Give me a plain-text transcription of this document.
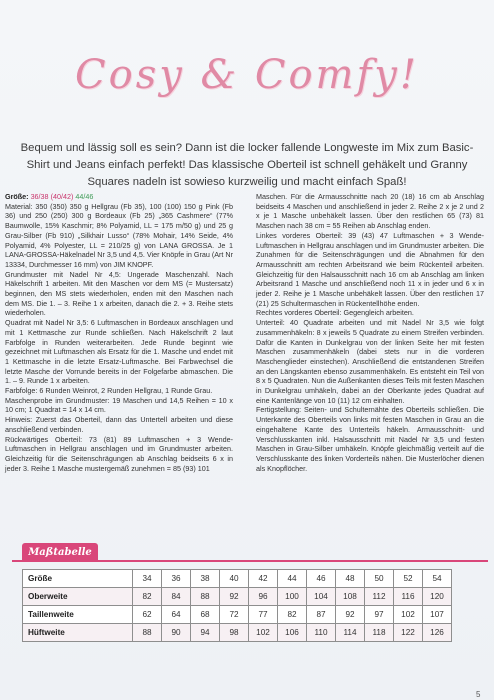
Cosy & Comfy!
Bequem und lässig soll es sein? Dann ist die locker fallende Longweste im Mix zum Basic-Shirt und Jeans einfach perfekt! Das klassische Oberteil ist schnell gehäkelt und Granny Squares nadeln ist sowieso kurzweilig und macht einfach Spaß!

Größe: 36/38 (40/42) 44/46

Material: 350 (350) 350 g Hellgrau (Fb 35), 100 (100) 150 g Pink (Fb 36) und 250 (250) 300 g Bordeaux (Fb 25) „365 Cashmere“ (77% Baumwolle, 15% Kaschmir; 8% Polyamid, LL = 175 m/50 g) und 25 g Grau-Silber (Fb 910) „Silkhair Lusso“ (78% Mohair, 14% Seide, 4% Polyamid, 4% Polyester, LL = 210/25 g) von LANA GROSSA. Je 1 LANA-GROSSA-Häkelnadel Nr 3,5 und 4,5. Vier Knöpfe in Grau (Art Nr 13334, Durchmesser 16 mm) von JIM KNOPF.

Grundmuster mit Nadel Nr 4,5: Ungerade Maschenzahl. Nach Häkelschrift 1 arbeiten. Mit den Maschen vor dem MS (= Mustersatz) beginnen, den MS stets wiederholen, enden mit den Maschen nach dem MS. Die 1. – 3. Reihe 1 x arbeiten, danach die 2. + 3. Reihe stets wiederholen.

Quadrat mit Nadel Nr 3,5: 6 Luftmaschen in Bordeaux anschlagen und mit 1 Kettmasche zur Runde schließen. Nach Häkelschrift 2 laut Farbfolge in Runden weiterarbeiten. Jede Runde beginnt wie gezeichnet mit Luftmaschen als Ersatz für die 1. Masche und endet mit 1 Kettmasche in die letzte Ersatz-Luftmasche. Bei Farbwechsel die letzte Masche der Vorrunde bereits in der Folgefarbe abmaschen. Die 1. – 9. Runde 1 x arbeiten.

Farbfolge: 6 Runden Weinrot, 2 Runden Hellgrau, 1 Runde Grau.

Maschenprobe im Grundmuster: 19 Maschen und 14,5 Reihen = 10 x 10 cm; 1 Quadrat = 14 x 14 cm.

Hinweis: Zuerst das Oberteil, dann das Untertell arbeiten und diese anschließend verbinden.

Rückwärtiges Oberteil: 73 (81) 89 Luftmaschen + 3 Wende-Luftmaschen in Hellgrau anschlagen und im Grundmuster arbeiten. Gleichzeitig für die Seitenschrägungen ab Anschlag beidseits 6 x in jeder 3. Reihe 1 Masche mustergemäß zunehmen = 85 (93) 101

Maschen. Für die Armausschnitte nach 20 (18) 16 cm ab Anschlag beidseits 4 Maschen und anschließend in jeder 2. Reihe 2 x je 2 und 2 x je 1 Masche unbehäkelt lassen. Über den restlichen 65 (73) 81 Maschen nach 38 cm = 55 Reihen ab Anschlag enden.

Linkes vorderes Oberteil: 39 (43) 47 Luftmaschen + 3 Wende-Luftmaschen in Hellgrau anschlagen und im Grundmuster arbeiten. Die Zunahmen für die Seitenschrägungen und die Abnahmen für den Armausschnitt am rechten Arbeitsrand wie beim Rückenteil arbeiten. Gleichzeitig für den Halsausschnitt nach 16 cm ab Anschlag am linken Arbeitsrand 1 Masche und anschließend noch 11 x in jeder und 6 x in jeder 2. Reihe je 1 Masche unbehäkelt lassen. Über den restlichen 17 (21) 25 Schultermaschen in Rückentellhöhe enden.

Rechtes vorderes Oberteil: Gegengleich arbeiten.

Unterteil: 40 Quadrate arbeiten und mit Nadel Nr 3,5 wie folgt zusammenhäkeln: 8 x jeweils 5 Quadrate zu einem Streifen verbinden. Dafür die Kanten in Dunkelgrau von der linken Seite her mit festen Maschen zusammenhäkeln (dabei stets nur in die vorderen Maschenglieder einstechen). Anschließend die entstandenen Streifen an den Längskanten ebenso zusammenhäkeln. Es entsteht ein Teil von 8 x 5 Quadraten. Nun die Außenkanten dieses Teils mit festen Maschen in Dunkelgrau umhäkeln, dabei an der Oberkante jedes Quadrat auf eine Kantenlänge von 10 (11) 12 cm einhalten.

Fertigstellung: Seiten- und Schulternähte des Oberteils schließen. Die Unterkante des Oberteils von links mit festen Maschen in Grau an die eingehaltene Kante des Unterteils häkeln. Armausschnitt- und Verschlusskanten inkl. Halsausschnitt mit Nadel Nr 3,5 und festen Maschen in Grau-Silber umhäkeln. Knöpfe gleichmäßig verteilt auf die Verschlusskante des linken Vorderteils nähen. Die Musterlöcher dienen als Knopflöcher.

Maßtabelle
Größe	34	36	38	40	42	44	46	48	50	52	54
Oberweite	82	84	88	92	96	100	104	108	112	116	120
Taillenweite	62	64	68	72	77	82	87	92	97	102	107
Hüftweite	88	90	94	98	102	106	110	114	118	122	126
5
